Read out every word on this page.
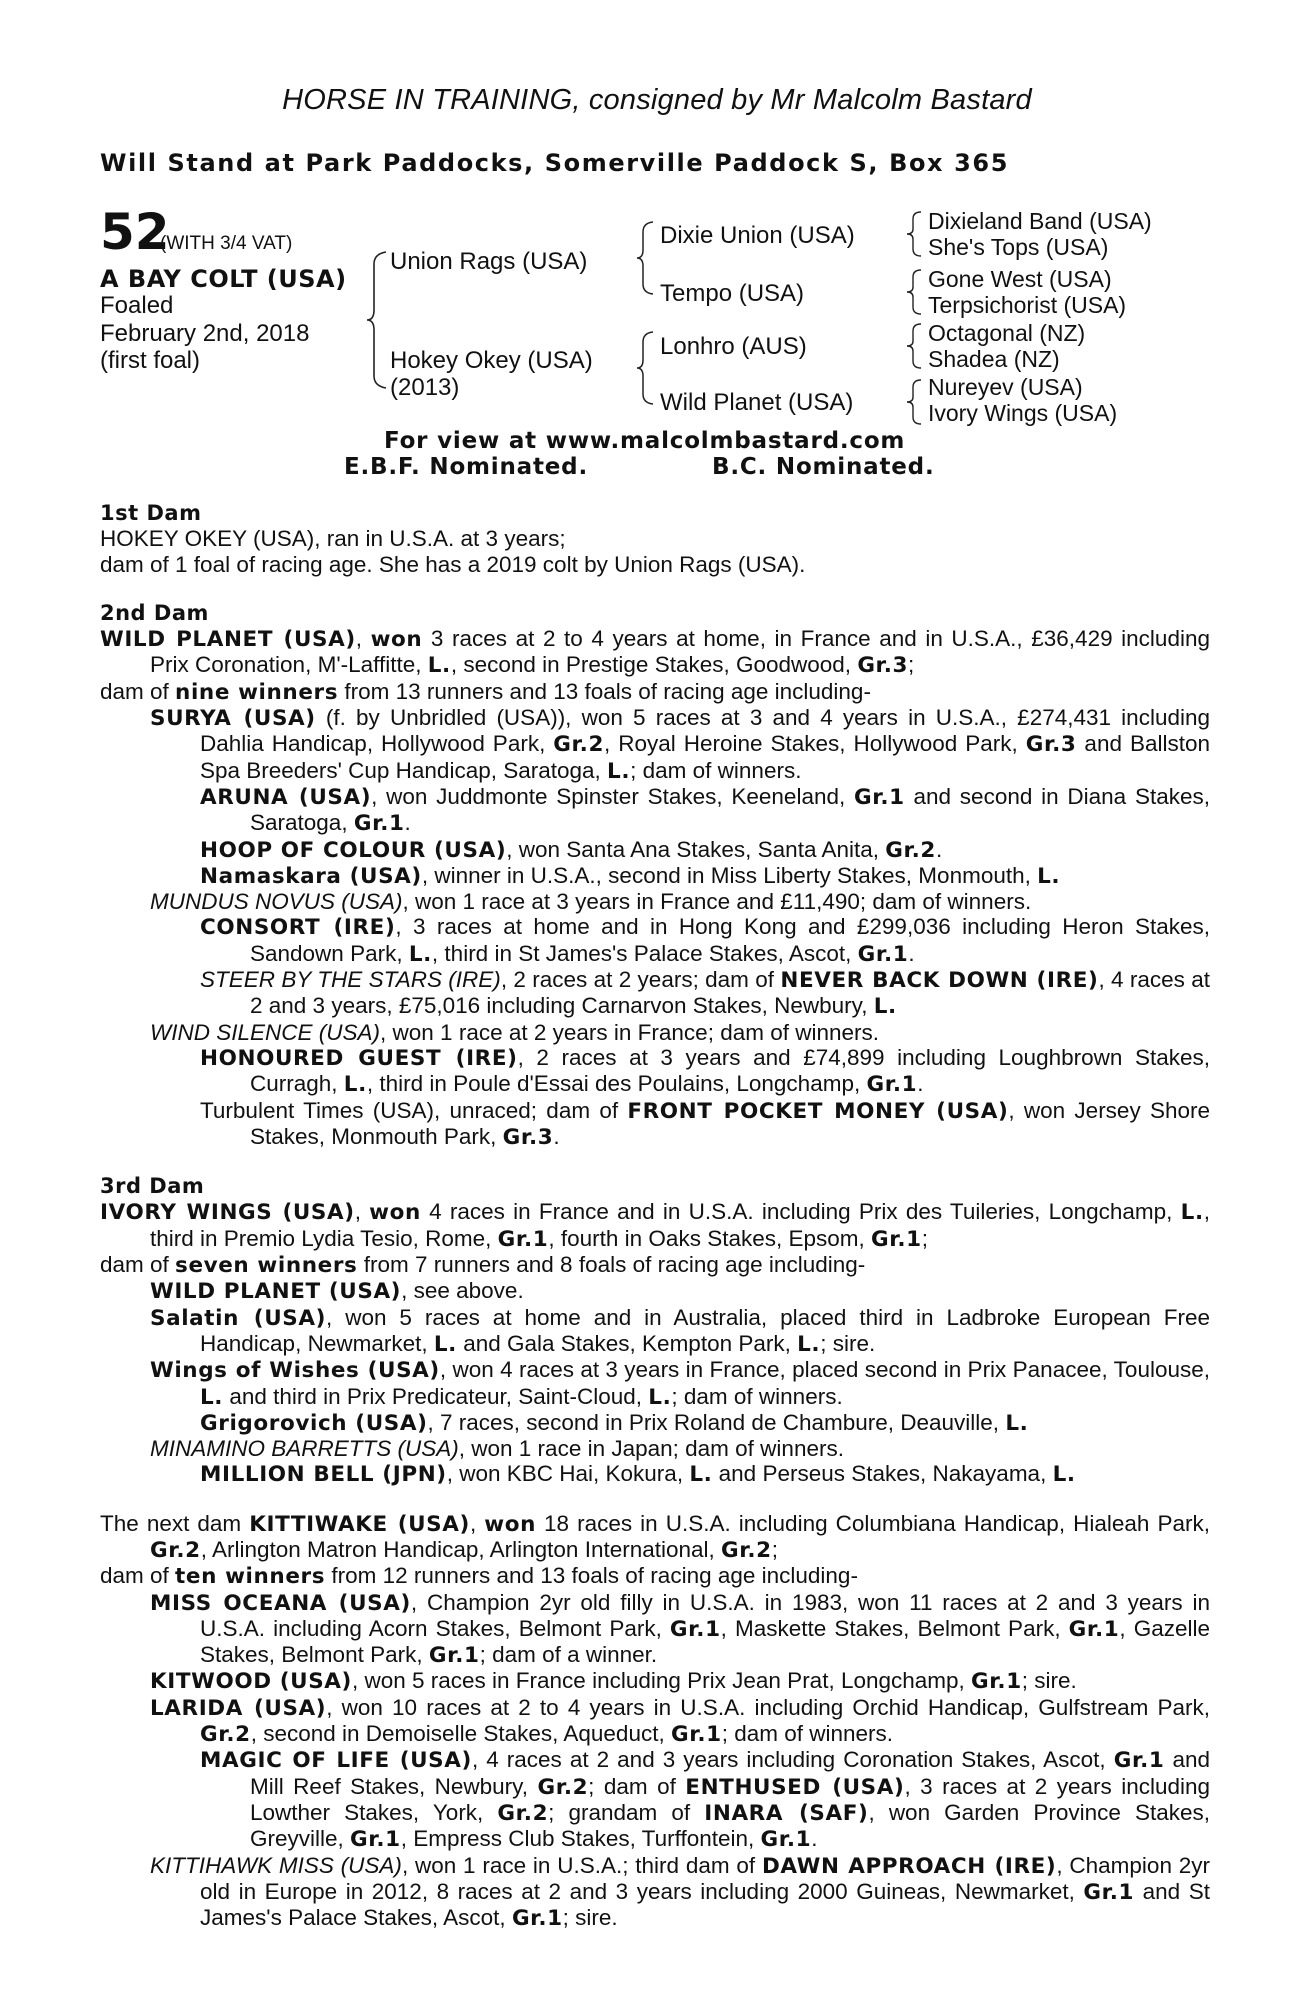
HORSE IN TRAINING, consigned by Mr Malcolm Bastard
Will Stand at Park Paddocks, Somerville Paddock S, Box 365
52
(WITH 3/4 VAT)
A BAY COLT (USA)
Foaled
February 2nd, 2018
(first foal)
Union Rags (USA)
Hokey Okey (USA)
(2013)
Dixie Union (USA)
Tempo (USA)
Lonhro (AUS)
Wild Planet (USA)
Dixieland Band (USA)
She's Tops (USA)
Gone West (USA)
Terpsichorist (USA)
Octagonal (NZ)
Shadea (NZ)
Nureyev (USA)
Ivory Wings (USA)
For view at www.malcolmbastard.com
E.B.F. Nominated.	B.C. Nominated.

1st Dam

HOKEY OKEY (USA), ran in U.S.A. at 3 years;

dam of 1 foal of racing age. She has a 2019 colt by Union Rags (USA).

2nd Dam

WILD PLANET (USA), won 3 races at 2 to 4 years at home, in France and in U.S.A., £36,429 including Prix Coronation, M'-Laffitte, L., second in Prestige Stakes, Goodwood, Gr.3;

dam of nine winners from 13 runners and 13 foals of racing age including-

SURYA (USA) (f. by Unbridled (USA)), won 5 races at 3 and 4 years in U.S.A., £274,431 including Dahlia Handicap, Hollywood Park, Gr.2, Royal Heroine Stakes, Hollywood Park, Gr.3 and Ballston Spa Breeders' Cup Handicap, Saratoga, L.; dam of winners.

ARUNA (USA), won Juddmonte Spinster Stakes, Keeneland, Gr.1 and second in Diana Stakes, Saratoga, Gr.1.

HOOP OF COLOUR (USA), won Santa Ana Stakes, Santa Anita, Gr.2.

Namaskara (USA), winner in U.S.A., second in Miss Liberty Stakes, Monmouth, L.

MUNDUS NOVUS (USA), won 1 race at 3 years in France and £11,490; dam of winners.

CONSORT (IRE), 3 races at home and in Hong Kong and £299,036 including Heron Stakes, Sandown Park, L., third in St James's Palace Stakes, Ascot, Gr.1.

STEER BY THE STARS (IRE), 2 races at 2 years; dam of NEVER BACK DOWN (IRE), 4 races at 2 and 3 years, £75,016 including Carnarvon Stakes, Newbury, L.

WIND SILENCE (USA), won 1 race at 2 years in France; dam of winners.

HONOURED GUEST (IRE), 2 races at 3 years and £74,899 including Loughbrown Stakes, Curragh, L., third in Poule d'Essai des Poulains, Longchamp, Gr.1.

Turbulent Times (USA), unraced; dam of FRONT POCKET MONEY (USA), won Jersey Shore Stakes, Monmouth Park, Gr.3.

3rd Dam

IVORY WINGS (USA), won 4 races in France and in U.S.A. including Prix des Tuileries, Longchamp, L., third in Premio Lydia Tesio, Rome, Gr.1, fourth in Oaks Stakes, Epsom, Gr.1;

dam of seven winners from 7 runners and 8 foals of racing age including-

WILD PLANET (USA), see above.

Salatin (USA), won 5 races at home and in Australia, placed third in Ladbroke European Free Handicap, Newmarket, L. and Gala Stakes, Kempton Park, L.; sire.

Wings of Wishes (USA), won 4 races at 3 years in France, placed second in Prix Panacee, Toulouse, L. and third in Prix Predicateur, Saint-Cloud, L.; dam of winners.

Grigorovich (USA), 7 races, second in Prix Roland de Chambure, Deauville, L.

MINAMINO BARRETTS (USA), won 1 race in Japan; dam of winners.

MILLION BELL (JPN), won KBC Hai, Kokura, L. and Perseus Stakes, Nakayama, L.

The next dam KITTIWAKE (USA), won 18 races in U.S.A. including Columbiana Handicap, Hialeah Park, Gr.2, Arlington Matron Handicap, Arlington International, Gr.2;

dam of ten winners from 12 runners and 13 foals of racing age including-

MISS OCEANA (USA), Champion 2yr old filly in U.S.A. in 1983, won 11 races at 2 and 3 years in U.S.A. including Acorn Stakes, Belmont Park, Gr.1, Maskette Stakes, Belmont Park, Gr.1, Gazelle Stakes, Belmont Park, Gr.1; dam of a winner.

KITWOOD (USA), won 5 races in France including Prix Jean Prat, Longchamp, Gr.1; sire.

LARIDA (USA), won 10 races at 2 to 4 years in U.S.A. including Orchid Handicap, Gulfstream Park, Gr.2, second in Demoiselle Stakes, Aqueduct, Gr.1; dam of winners.

MAGIC OF LIFE (USA), 4 races at 2 and 3 years including Coronation Stakes, Ascot, Gr.1 and Mill Reef Stakes, Newbury, Gr.2; dam of ENTHUSED (USA), 3 races at 2 years including Lowther Stakes, York, Gr.2; grandam of INARA (SAF), won Garden Province Stakes, Greyville, Gr.1, Empress Club Stakes, Turffontein, Gr.1.

KITTIHAWK MISS (USA), won 1 race in U.S.A.; third dam of DAWN APPROACH (IRE), Champion 2yr old in Europe in 2012, 8 races at 2 and 3 years including 2000 Guineas, Newmarket, Gr.1 and St James's Palace Stakes, Ascot, Gr.1; sire.
